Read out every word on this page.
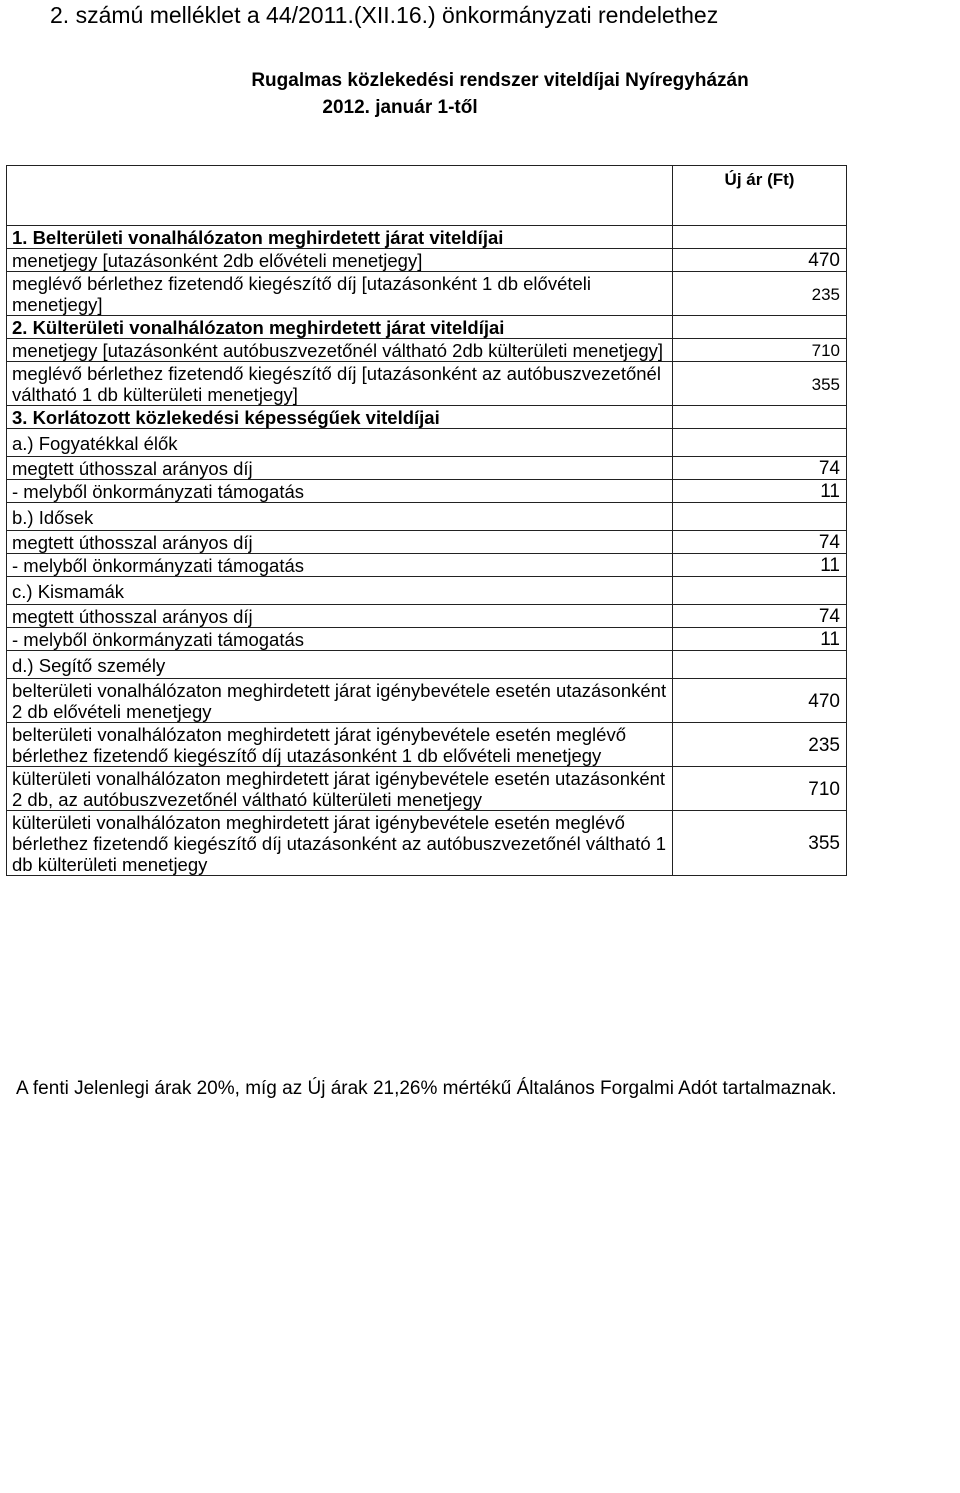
2. számú melléklet a 44/2011.(XII.16.) önkormányzati rendelethez
Rugalmas közlekedési rendszer viteldíjai Nyíregyházán
2012. január 1-től
	Új ár (Ft)
1. Belterületi vonalhálózaton meghirdetett járat viteldíjai	
menetjegy [utazásonként 2db elővételi menetjegy]	470
meglévő bérlethez fizetendő kiegészítő díj [utazásonként 1 db elővételi menetjegy]	235
2. Külterületi vonalhálózaton meghirdetett járat viteldíjai	
menetjegy [utazásonként autóbuszvezetőnél váltható 2db külterületi menetjegy]	710
meglévő bérlethez fizetendő kiegészítő díj [utazásonként az autóbuszvezetőnél váltható 1 db külterületi menetjegy]	355
3. Korlátozott közlekedési képességűek viteldíjai	
a.) Fogyatékkal élők	
megtett úthosszal arányos díj	74
- melyből önkormányzati támogatás	11
b.) Idősek	
megtett úthosszal arányos díj	74
- melyből önkormányzati támogatás	11
c.) Kismamák	
megtett úthosszal arányos díj	74
- melyből önkormányzati támogatás	11
d.) Segítő személy	
belterületi vonalhálózaton meghirdetett járat igénybevétele esetén utazásonként 2 db elővételi menetjegy	470
belterületi vonalhálózaton meghirdetett járat igénybevétele esetén meglévő bérlethez fizetendő kiegészítő díj utazásonként 1 db elővételi menetjegy	235
külterületi vonalhálózaton meghirdetett járat igénybevétele esetén utazásonként 2 db, az autóbuszvezetőnél váltható külterületi menetjegy	710
külterületi vonalhálózaton meghirdetett járat igénybevétele esetén meglévő bérlethez fizetendő kiegészítő díj utazásonként az autóbuszvezetőnél váltható 1 db külterületi menetjegy	355
A fenti Jelenlegi árak 20%, míg az Új árak 21,26% mértékű Általános Forgalmi Adót tartalmaznak.
